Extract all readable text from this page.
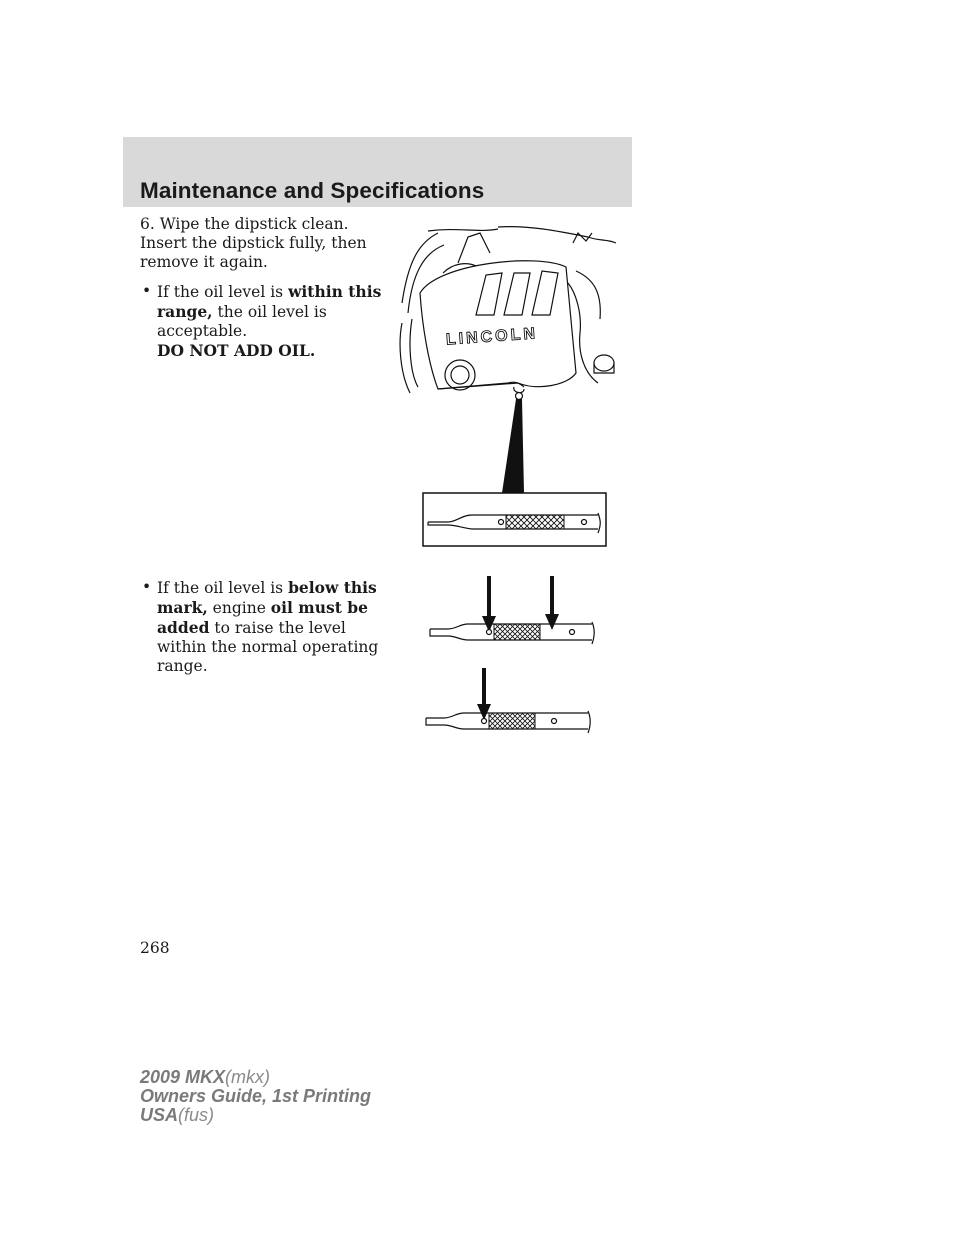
Maintenance and Specifications

6. Wipe the dipstick clean. Insert the dipstick fully, then remove it again.

• If the oil level is within this range, the oil level is acceptable.
DO NOT ADD OIL.

• If the oil level is below this mark, engine oil must be added to raise the level within the normal operating range.

LINCOLN
268
2009 MKX(mkx)
Owners Guide, 1st Printing
USA(fus)
